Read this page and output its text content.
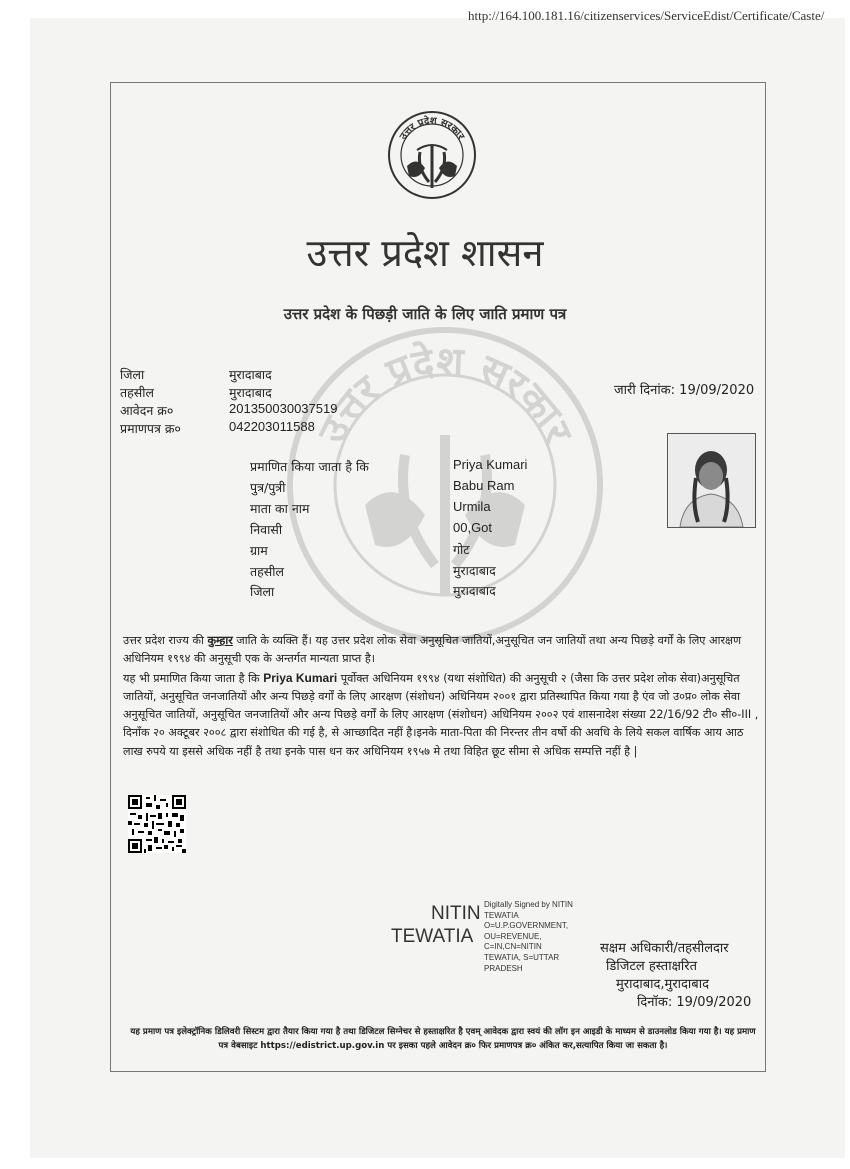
http://164.100.181.16/citizenservices/ServiceEdist/Certificate/Caste/
उत्तर प्रदेश सरकार
उत्तर प्रदेश सरकार
उत्तर प्रदेश शासन
उत्तर प्रदेश के पिछड़ी जाति के लिए जाति प्रमाण पत्र
जिला	मुरादाबाद
तहसील	मुरादाबाद
आवेदन क्र०	201350030037519
प्रमाणपत्र क्र०	042203011588
जारी दिनांक: 19/09/2020
प्रमाणित किया जाता है कि	Priya Kumari
पुत्र/पुत्री	Babu Ram
माता का नाम	Urmila
निवासी	00,Got
ग्राम	गोट
तहसील	मुरादाबाद
जिला	मुरादाबाद

उत्तर प्रदेश राज्य की कुम्हार जाति के व्यक्ति हैं। यह उत्तर प्रदेश लोक सेवा अनुसूचित जातियों,अनुसूचित जन जातियों तथा अन्य पिछड़े वर्गों के लिए आरक्षण अधिनियम १९९४ की अनुसूची एक के अन्तर्गत मान्यता प्राप्त है।

यह भी प्रमाणित किया जाता है कि Priya Kumari पूर्वोक्त अधिनियम १९९४ (यथा संशोधित) की अनुसूची २ (जैसा कि उत्तर प्रदेश लोक सेवा)अनुसूचित जातियों, अनुसूचित जनजातियों और अन्य पिछड़े वर्गों के लिए आरक्षण (संशोधन) अधिनियम २००१ द्वारा प्रतिस्थापित किया गया है एंव जो उ०प्र० लोक सेवा अनुसूचित जातियों, अनुसूचित जनजातियों और अन्य पिछड़े वर्गों के लिए आरक्षण (संशोधन) अधिनियम २००२ एवं शासनादेश संख्या 22/16/92 टी० सी०-III , दिनाँक २० अक्टूबर २००८ द्वारा संशोधित की गई है, से आच्छादित नहीं है।इनके माता-पिता की निरन्तर तीन वर्षो की अवधि के लिये सकल वार्षिक आय आठ लाख रुपये या इससे अधिक नहीं है तथा इनके पास धन कर अधिनियम १९५७ मे तथा विहित छूट सीमा से अधिक सम्पत्ति नहीं है |

NITIN
TEWATIA
Digitally Signed by NITIN
TEWATIA
O=U.P.GOVERNMENT,
OU=REVENUE,
C=IN,CN=NITIN
TEWATIA, S=UTTAR
PRADESH
सक्षम अधिकारी/तहसीलदार
डिजिटल हस्ताक्षरित
मुरादाबाद,मुरादाबाद
दिनॉक: 19/09/2020
यह प्रमाण पत्र इलेक्ट्रॉनिक डिलिवरी सिस्टम द्वारा तैयार किया गया है तथा डिजिटल सिग्नेचर से हस्ताक्षरित है एवम् आवेदक द्वारा स्वयं की लॉग इन आइडी के माध्यम से डाउनलोड किया गया है। यह प्रमाण पत्र वेबसाइट https://edistrict.up.gov.in पर इसका पहले आवेदन क्र० फिर प्रमाणपत्र क्र० अंकित कर,सत्यापित किया जा सकता है।
